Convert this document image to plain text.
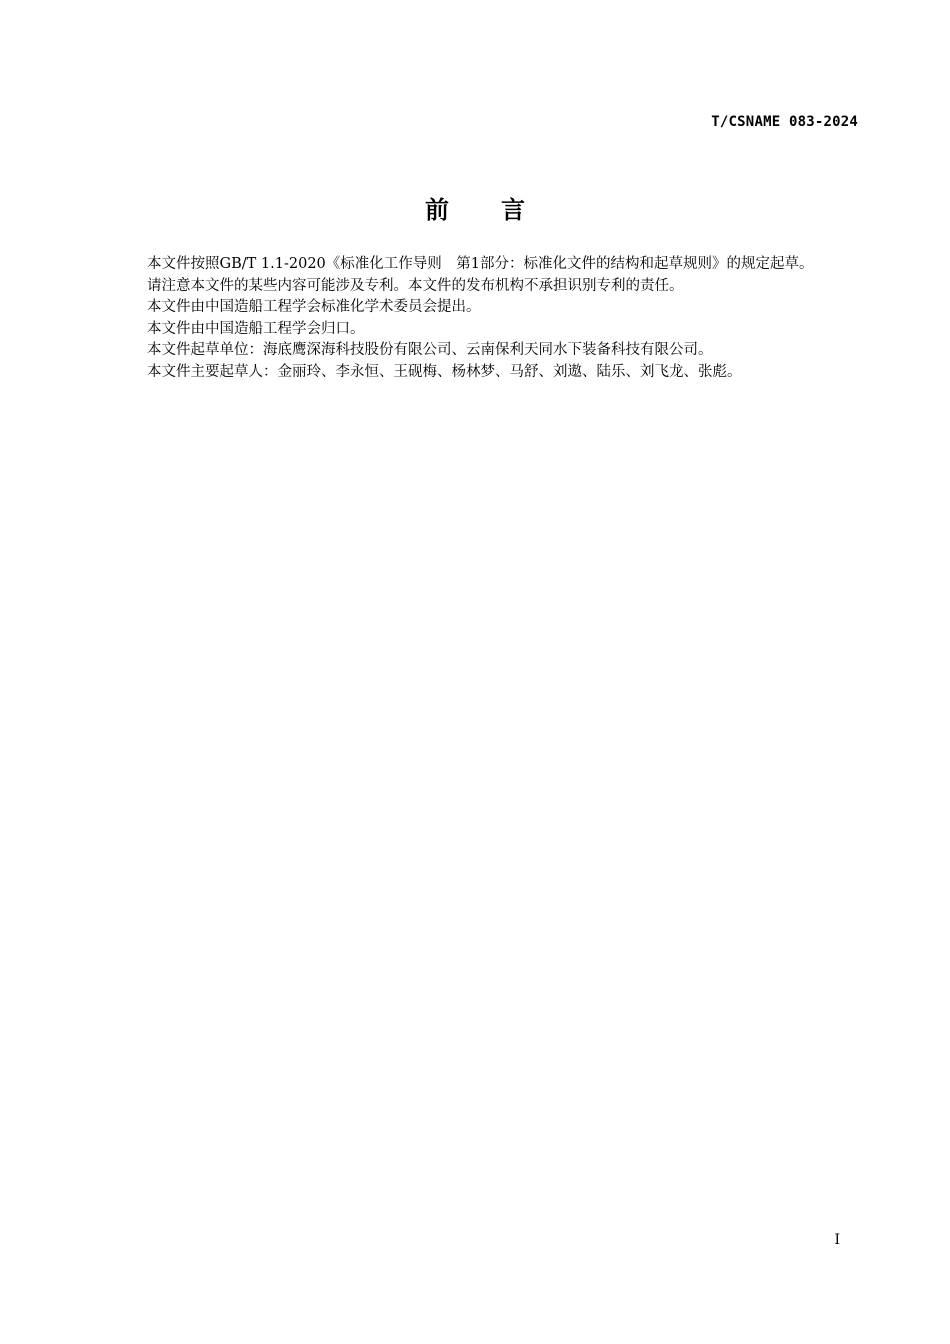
T/CSNAME 083-2024
前 言

本文件按照GB/T 1.1-2020《标准化工作导则　第1部分：标准化文件的结构和起草规则》的规定起草。

请注意本文件的某些内容可能涉及专利。本文件的发布机构不承担识别专利的责任。

本文件由中国造船工程学会标准化学术委员会提出。

本文件由中国造船工程学会归口。

本文件起草单位：海底鹰深海科技股份有限公司、云南保利天同水下装备科技有限公司。

本文件主要起草人：金丽玲、李永恒、王砚梅、杨林梦、马舒、刘遨、陆乐、刘飞龙、张彪。

I
